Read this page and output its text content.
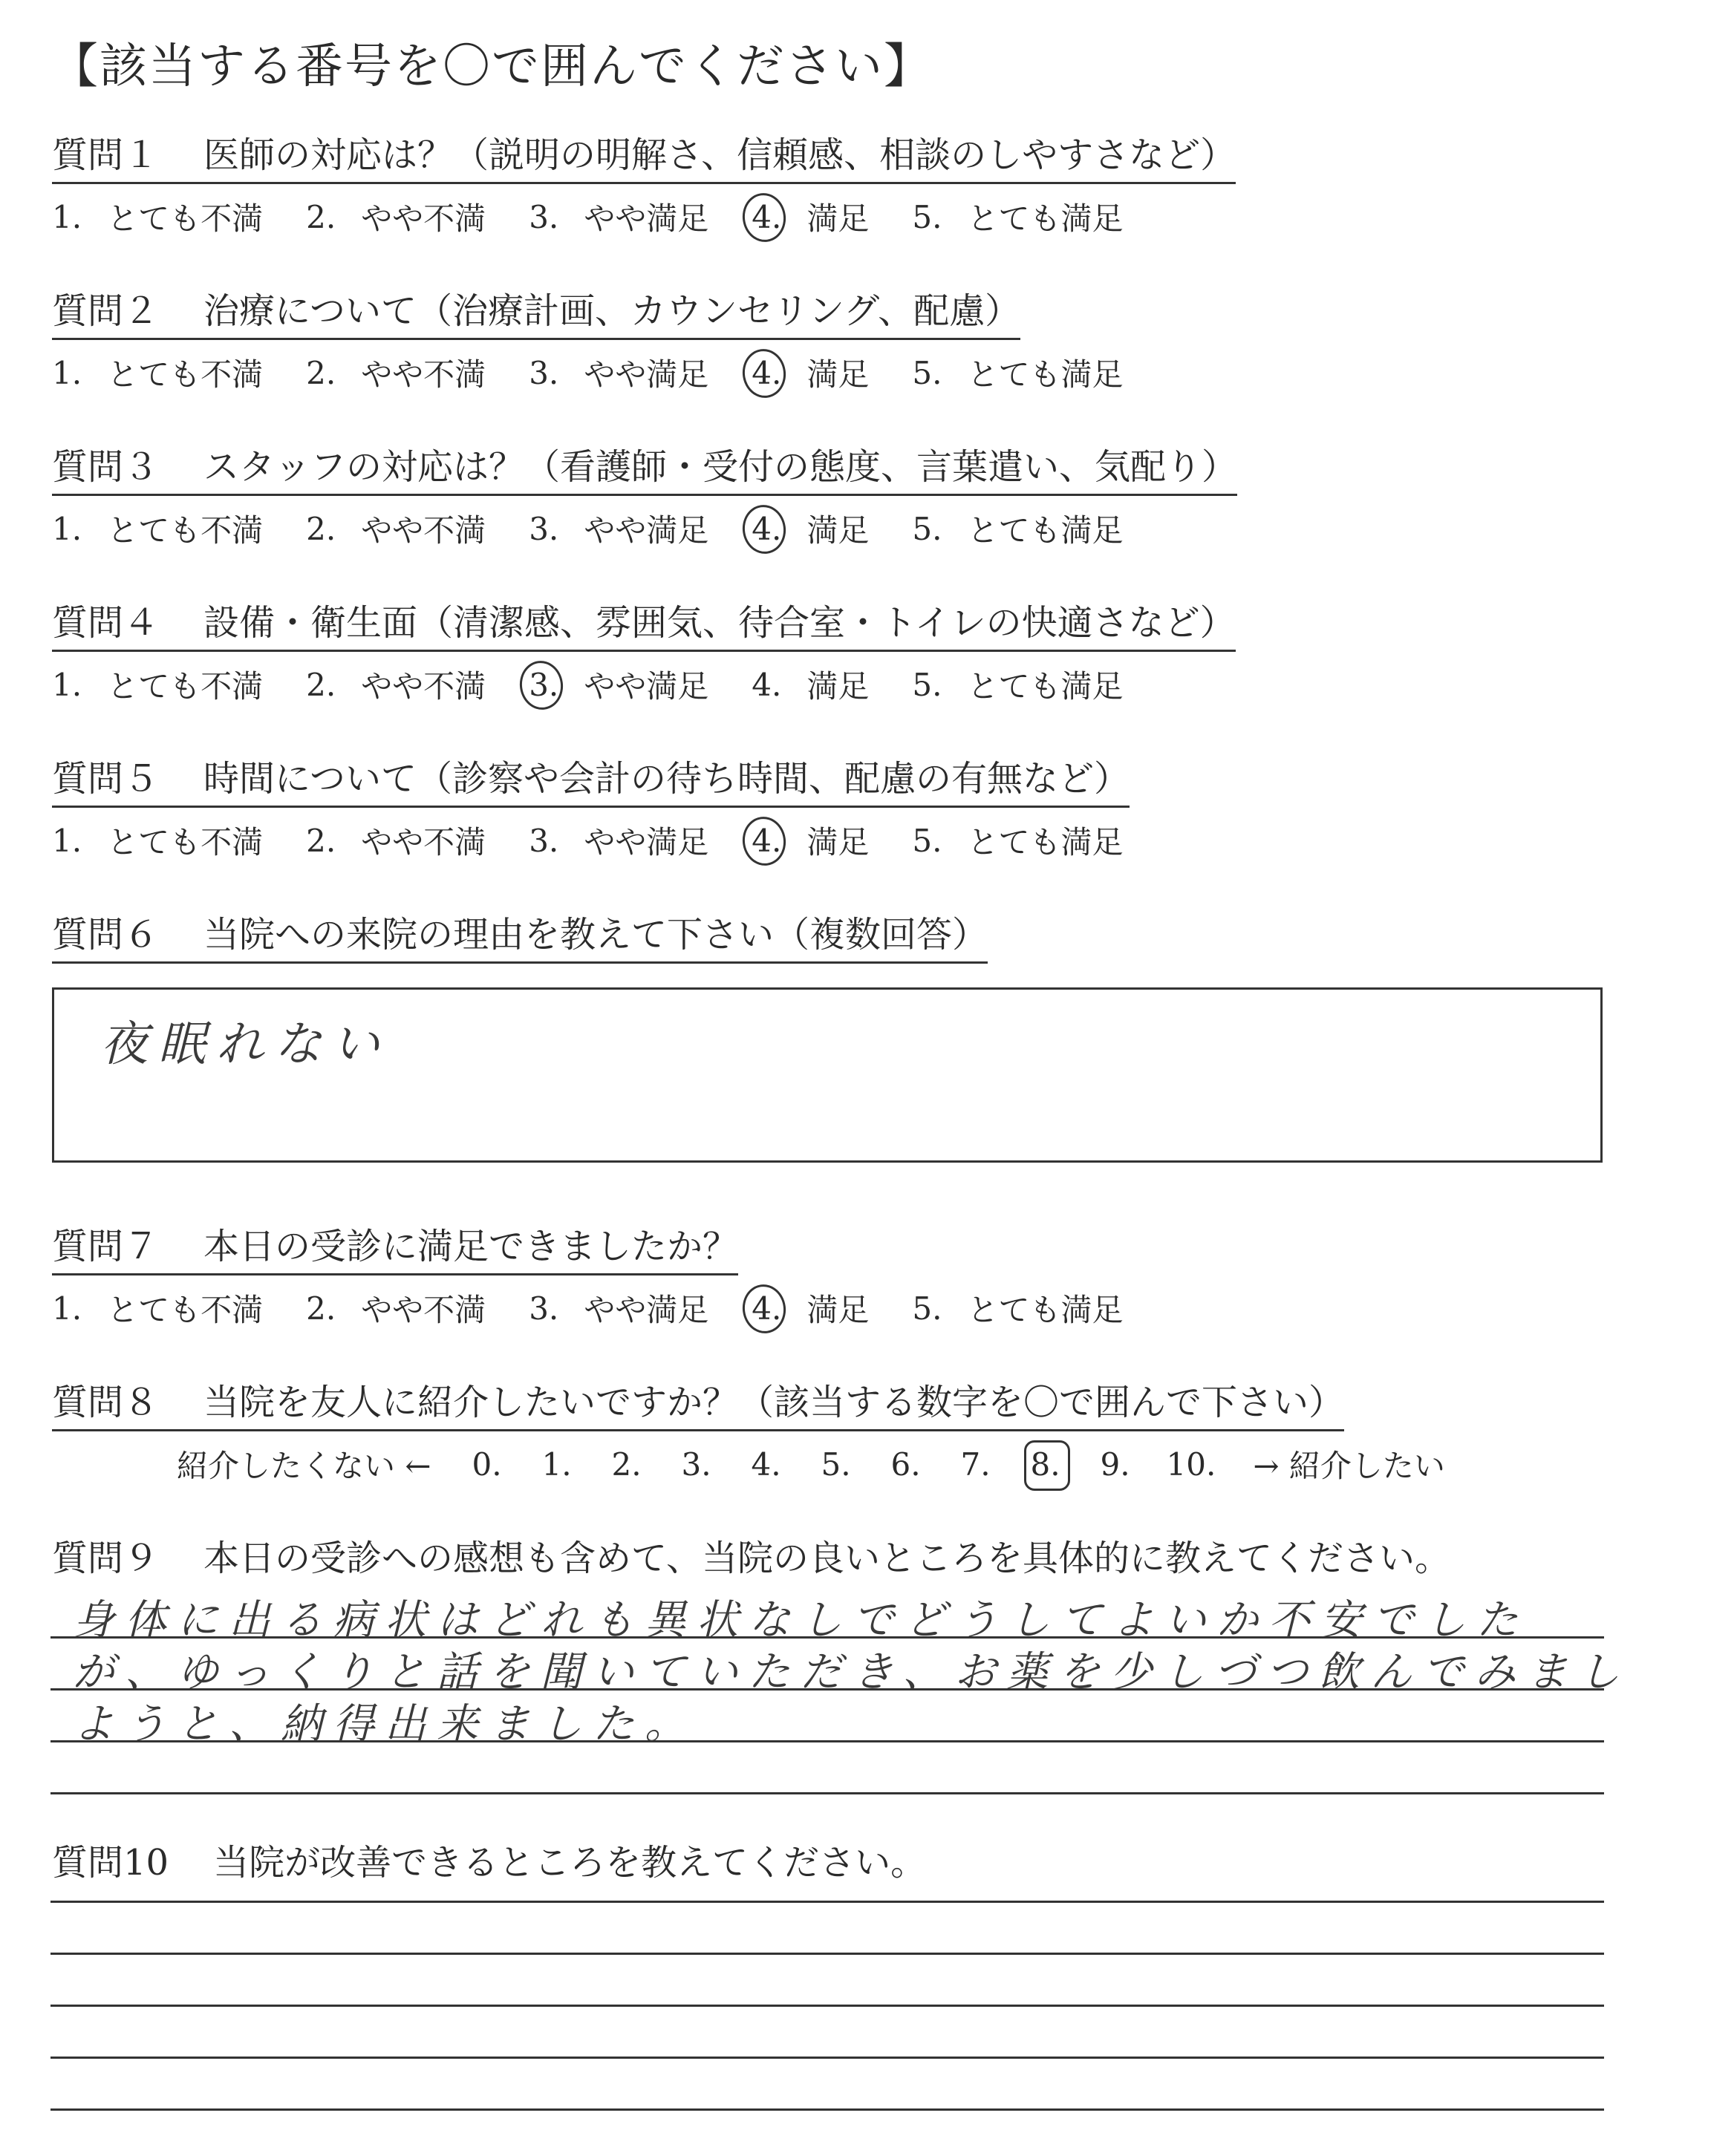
【該当する番号を〇で囲んでください】
質問１ 医師の対応は？（説明の明解さ、信頼感、相談のしやすさなど）
1. とても不満 2. やや不満 3. やや満足 4. 満足 5. とても満足
質問２ 治療について（治療計画、カウンセリング、配慮）
1. とても不満 2. やや不満 3. やや満足 4. 満足 5. とても満足
質問３ スタッフの対応は？（看護師・受付の態度、言葉遣い、気配り）
1. とても不満 2. やや不満 3. やや満足 4. 満足 5. とても満足
質問４ 設備・衛生面（清潔感、雰囲気、待合室・トイレの快適さなど）
1. とても不満 2. やや不満 3. やや満足 4. 満足 5. とても満足
質問５ 時間について（診察や会計の待ち時間、配慮の有無など）
1. とても不満 2. やや不満 3. やや満足 4. 満足 5. とても満足
質問６ 当院への来院の理由を教えて下さい（複数回答）
夜眠れない
質問７ 本日の受診に満足できましたか？
1. とても不満 2. やや不満 3. やや満足 4. 満足 5. とても満足
質問８ 当院を友人に紹介したいですか？（該当する数字を〇で囲んで下さい）
紹介したくない ← 0. 1. 2. 3. 4. 5. 6. 7. 8. 9. 10. → 紹介したい
質問９ 本日の受診への感想も含めて、当院の良いところを具体的に教えてください。
身体に出る病状はどれも異状なしでどうしてよいか不安でした
が、ゆっくりと話を聞いていただき、お薬を少しづつ飲んでみまし
ようと、納得出来ました。
質問10 当院が改善できるところを教えてください。
